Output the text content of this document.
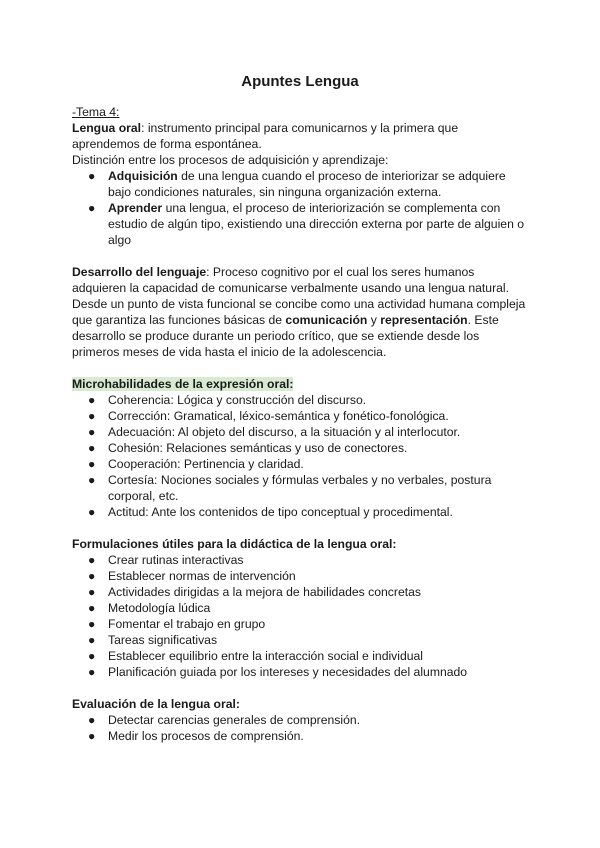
Apuntes Lengua
-Tema 4:
Lengua oral: instrumento principal para comunicarnos y la primera que aprendemos de forma espontánea.
Distinción entre los procesos de adquisición y aprendizaje:
● Adquisición de una lengua cuando el proceso de interiorizar se adquiere bajo condiciones naturales, sin ninguna organización externa.
● Aprender una lengua, el proceso de interiorización se complementa con estudio de algún tipo, existiendo una dirección externa por parte de alguien o algo
Desarrollo del lenguaje: Proceso cognitivo por el cual los seres humanos adquieren la capacidad de comunicarse verbalmente usando una lengua natural. Desde un punto de vista funcional se concibe como una actividad humana compleja que garantiza las funciones básicas de comunicación y representación. Este desarrollo se produce durante un periodo crítico, que se extiende desde los primeros meses de vida hasta el inicio de la adolescencia.
Microhabilidades de la expresión oral:
● Coherencia: Lógica y construcción del discurso.
● Corrección: Gramatical, léxico-semántica y fonético-fonológica.
● Adecuación: Al objeto del discurso, a la situación y al interlocutor.
● Cohesión: Relaciones semánticas y uso de conectores.
● Cooperación: Pertinencia y claridad.
● Cortesía: Nociones sociales y fórmulas verbales y no verbales, postura corporal, etc.
● Actitud: Ante los contenidos de tipo conceptual y procedimental.
Formulaciones útiles para la didáctica de la lengua oral:
● Crear rutinas interactivas
● Establecer normas de intervención
● Actividades dirigidas a la mejora de habilidades concretas
● Metodología lúdica
● Fomentar el trabajo en grupo
● Tareas significativas
● Establecer equilibrio entre la interacción social e individual
● Planificación guiada por los intereses y necesidades del alumnado
Evaluación de la lengua oral:
● Detectar carencias generales de comprensión.
● Medir los procesos de comprensión.
